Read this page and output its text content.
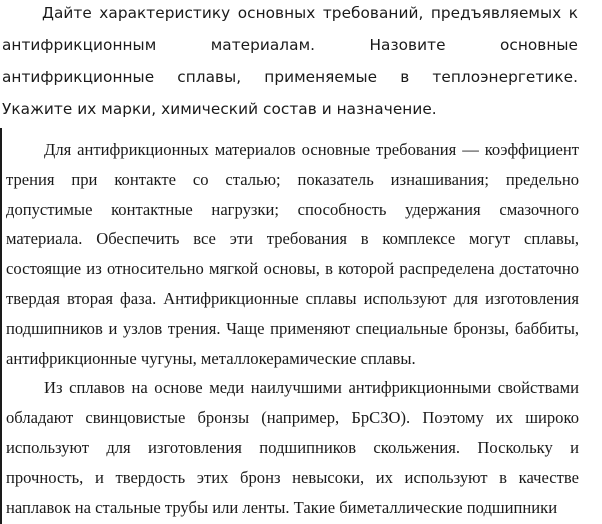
Дайте характеристику основных требований, предъявляемых к антифрикционным материалам. Назовите основные антифрикционные сплавы, применяемые в теплоэнергетике. Укажите их марки, химический состав и назначение.

Для антифрикционных материалов основные требования — коэффициент трения при контакте со сталью; показатель изнашивания; предельно допустимые контактные нагрузки; способность удержания смазочного материала. Обеспечить все эти требования в комплексе могут сплавы, состоящие из относительно мягкой основы, в которой распределена достаточно твердая вторая фаза. Антифрикционные сплавы используют для изготовления подшипников и узлов трения. Чаще применяют специальные бронзы, баббиты, антифрикционные чугуны, металлокерамические сплавы.

Из сплавов на основе меди наилучшими антифрикционными свойствами обладают свинцовистые бронзы (например, БрСЗО). Поэтому их широко используют для изготовления подшипников скольжения. Поскольку и прочность, и твердость этих бронз невысоки, их используют в качестве наплавок на стальные трубы или ленты. Такие биметаллические подшипники
